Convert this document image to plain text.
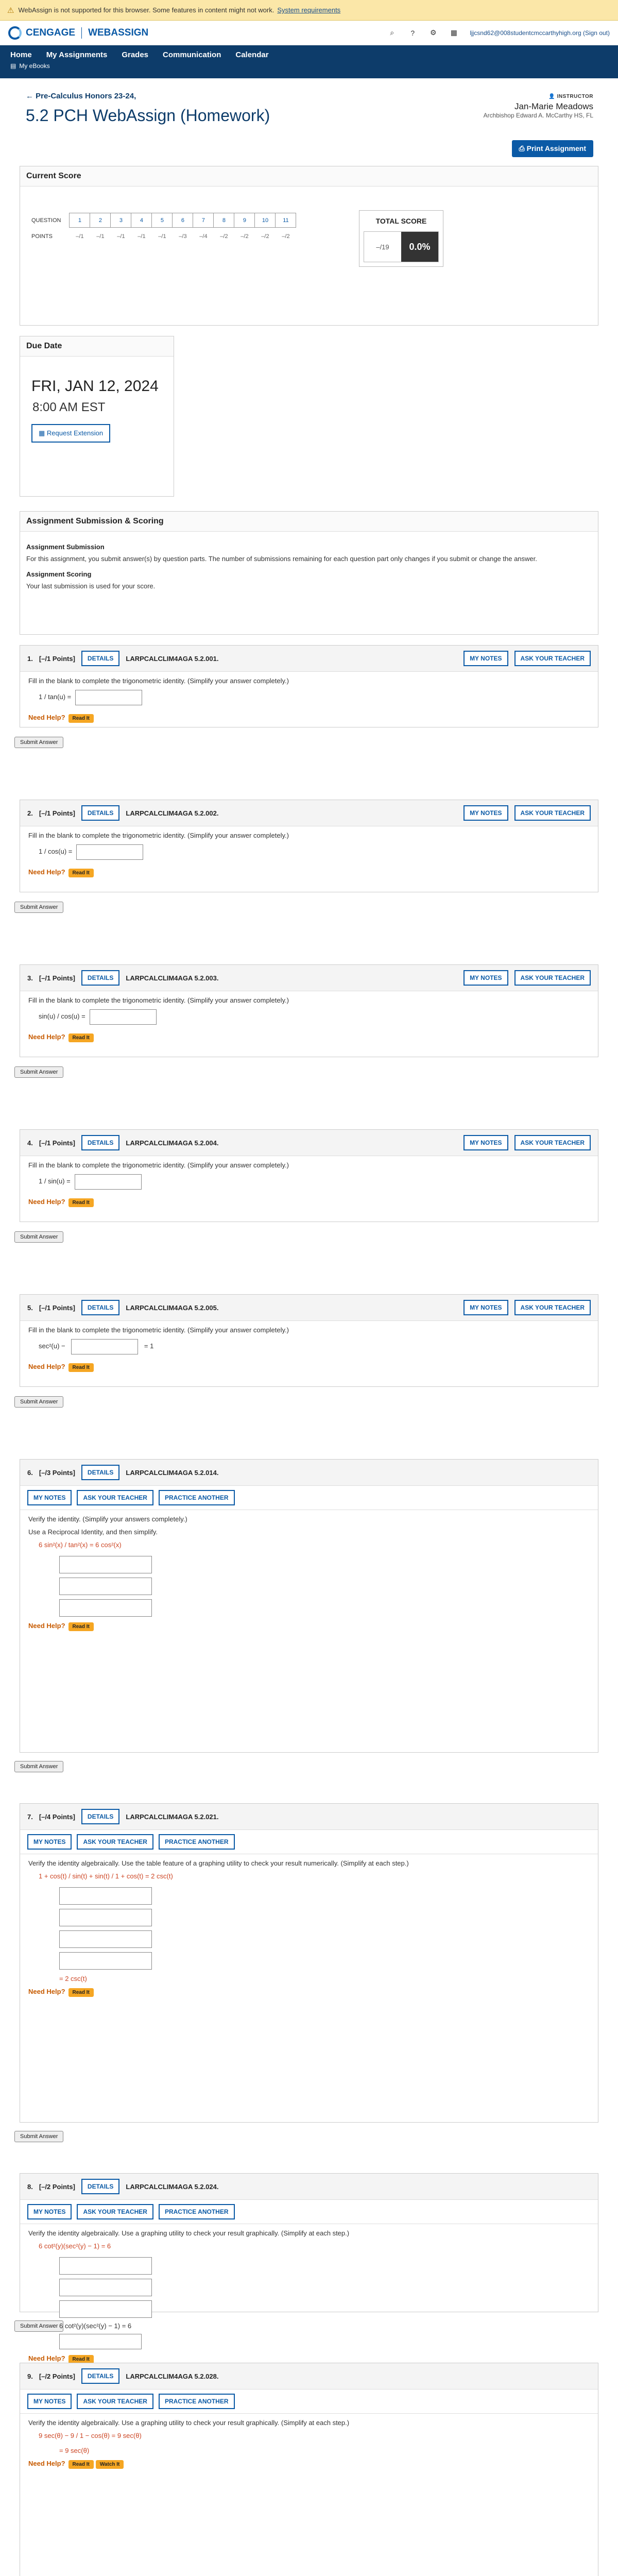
⚠ WebAssign is not supported for this browser. Some features in content might not work. System requirements
CENGAGE WEBASSIGN	⌕	?	⚙ ▦ ljjcsnd62@008studentcmccarthyhigh.org (Sign out)
Home My Assignments Grades Communication Calendar
▤ My eBooks
← Pre-Calculus Honors 23-24,
5.2 PCH WebAssign (Homework)
👤 INSTRUCTOR
Jan-Marie Meadows
Archbishop Edward A. McCarthy HS, FL
⎙ Print Assignment
Current Score
QUESTION	1	2	3	4	5	6	7	8	9	10	11
POINTS	–/1	–/1	–/1	–/1	–/1	–/3	–/4	–/2	–/2	–/2	–/2
TOTAL SCORE
–/19	0.0%
Due Date
FRI, JAN 12, 2024
8:00 AM EST
▦ Request Extension
Assignment Submission & Scoring
Assignment Submission
For this assignment, you submit answer(s) by question parts. The number of submissions remaining for each question part only changes if you submit or change the answer.
Assignment Scoring
Your last submission is used for your score.
1. [–/1 Points]	DETAILS	LARPCALCLIM4AGA 5.2.001.	MY NOTES	ASK YOUR TEACHER
Fill in the blank to complete the trigonometric identity. (Simplify your answer completely.)
1 / tan(u) =
Need Help? Read It
Submit Answer
2. [–/1 Points]	DETAILS	LARPCALCLIM4AGA 5.2.002.	MY NOTES	ASK YOUR TEACHER
Fill in the blank to complete the trigonometric identity. (Simplify your answer completely.)
1 / cos(u) =
Need Help? Read It
Submit Answer
3. [–/1 Points]	DETAILS	LARPCALCLIM4AGA 5.2.003.	MY NOTES	ASK YOUR TEACHER
Fill in the blank to complete the trigonometric identity. (Simplify your answer completely.)
sin(u) / cos(u) =
Need Help? Read It
Submit Answer
4. [–/1 Points]	DETAILS	LARPCALCLIM4AGA 5.2.004.	MY NOTES	ASK YOUR TEACHER
Fill in the blank to complete the trigonometric identity. (Simplify your answer completely.)
1 / sin(u) =
Need Help? Read It
Submit Answer
5. [–/1 Points]	DETAILS	LARPCALCLIM4AGA 5.2.005.	MY NOTES	ASK YOUR TEACHER
Fill in the blank to complete the trigonometric identity. (Simplify your answer completely.)
sec²(u) −	= 1
Need Help? Read It
Submit Answer
6. [–/3 Points]	DETAILS	LARPCALCLIM4AGA 5.2.014.
MY NOTES	ASK YOUR TEACHER	PRACTICE ANOTHER
Verify the identity. (Simplify your answers completely.)
Use a Reciprocal Identity, and then simplify.
6 sin²(x) / tan²(x) = 6 cos²(x)
Need Help? Read It
Submit Answer
7. [–/4 Points]	DETAILS	LARPCALCLIM4AGA 5.2.021.
MY NOTES	ASK YOUR TEACHER	PRACTICE ANOTHER
Verify the identity algebraically. Use the table feature of a graphing utility to check your result numerically. (Simplify at each step.)
1 + cos(t) / sin(t) + sin(t) / 1 + cos(t) = 2 csc(t)
= 2 csc(t)
Need Help? Read It
Submit Answer
8. [–/2 Points]	DETAILS	LARPCALCLIM4AGA 5.2.024.
MY NOTES	ASK YOUR TEACHER	PRACTICE ANOTHER
Verify the identity algebraically. Use a graphing utility to check your result graphically. (Simplify at each step.)
6 cot²(y)(sec²(y) − 1) = 6
6 cot²(y)(sec²(y) − 1) = 6
Need Help? Read It
Submit Answer
9. [–/2 Points]	DETAILS	LARPCALCLIM4AGA 5.2.028.
MY NOTES	ASK YOUR TEACHER	PRACTICE ANOTHER
Verify the identity algebraically. Use a graphing utility to check your result graphically. (Simplify at each step.)
9 sec(θ) − 9 / 1 − cos(θ) = 9 sec(θ)
= 9 sec(θ)
Need Help? Read It Watch It
